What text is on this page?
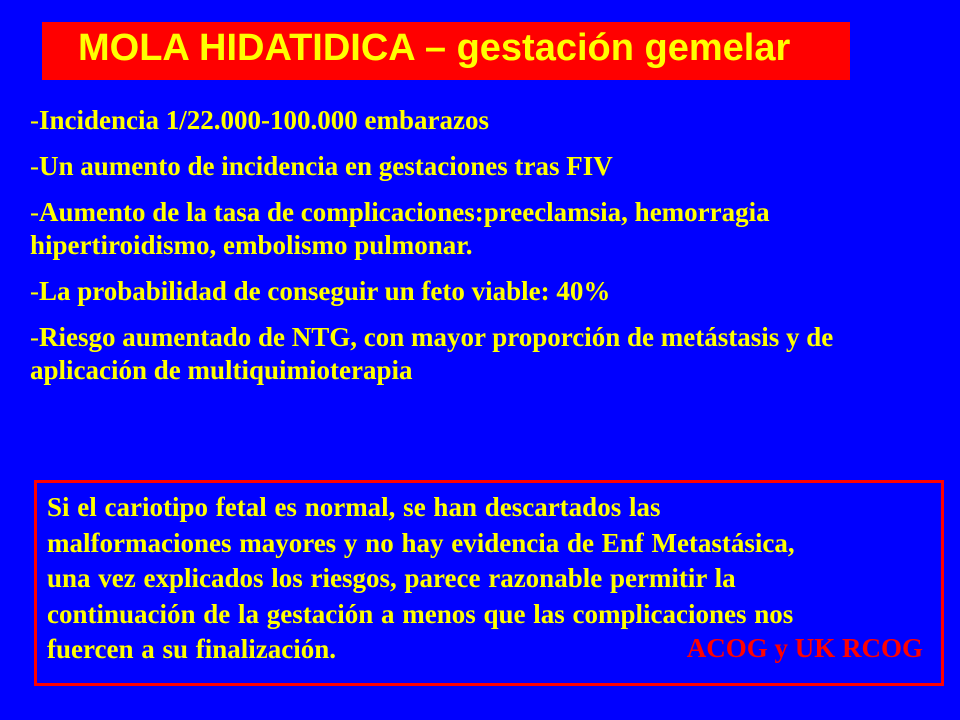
MOLA HIDATIDICA – gestación gemelar
-Incidencia 1/22.000-100.000 embarazos
-Un aumento de incidencia en gestaciones tras FIV
-Aumento de la tasa de complicaciones:preeclamsia, hemorragia hipertiroidismo, embolismo pulmonar.
-La probabilidad de conseguir un feto viable: 40%
-Riesgo aumentado de NTG, con mayor proporción de metástasis y de aplicación de multiquimioterapia
Si el cariotipo fetal es normal, se han descartados las
malformaciones mayores y no hay evidencia de Enf Metastásica,
una vez explicados los riesgos, parece razonable permitir la
continuación de la gestación a menos que las complicaciones nos
fuercen a su finalización.	ACOG y UK RCOG
